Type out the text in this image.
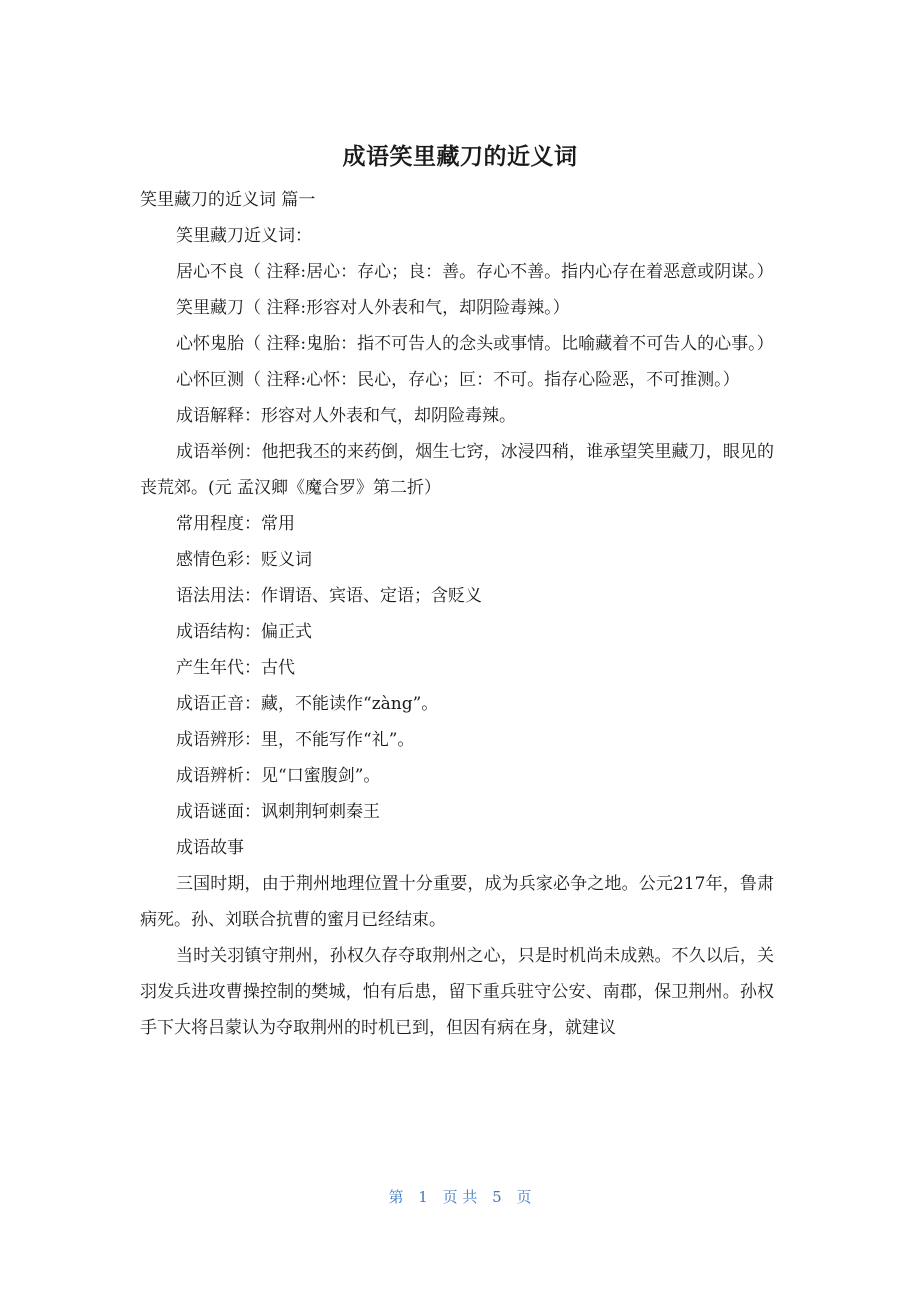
成语笑里藏刀的近义词

笑里藏刀的近义词 篇一

笑里藏刀近义词：

居心不良（ 注释:居心：存心；良：善。存心不善。指内心存在着恶意或阴谋。）

笑里藏刀（ 注释:形容对人外表和气，却阴险毒辣。）

心怀鬼胎（ 注释:鬼胎：指不可告人的念头或事情。比喻藏着不可告人的心事。）

心怀叵测（ 注释:心怀：民心，存心；叵：不可。指存心险恶，不可推测。）

成语解释：形容对人外表和气，却阴险毒辣。

成语举例：他把我丕的来药倒，烟生七窍，冰浸四稍，谁承望笑里藏刀，眼见的丧荒郊。(元 孟汉卿《魔合罗》第二折）

常用程度：常用

感情色彩：贬义词

语法用法：作谓语、宾语、定语；含贬义

成语结构：偏正式

产生年代：古代

成语正音：藏，不能读作“zàng”。

成语辨形：里，不能写作“礼”。

成语辨析：见“口蜜腹剑”。

成语谜面：讽刺荆轲刺秦王

成语故事

三国时期，由于荆州地理位置十分重要，成为兵家必争之地。公元217年，鲁肃病死。孙、刘联合抗曹的蜜月已经结束。

当时关羽镇守荆州，孙权久存夺取荆州之心，只是时机尚未成熟。不久以后，关羽发兵进攻曹操控制的樊城，怕有后患，留下重兵驻守公安、南郡，保卫荆州。孙权手下大将吕蒙认为夺取荆州的时机已到，但因有病在身，就建议

第 1 页 共 5 页
